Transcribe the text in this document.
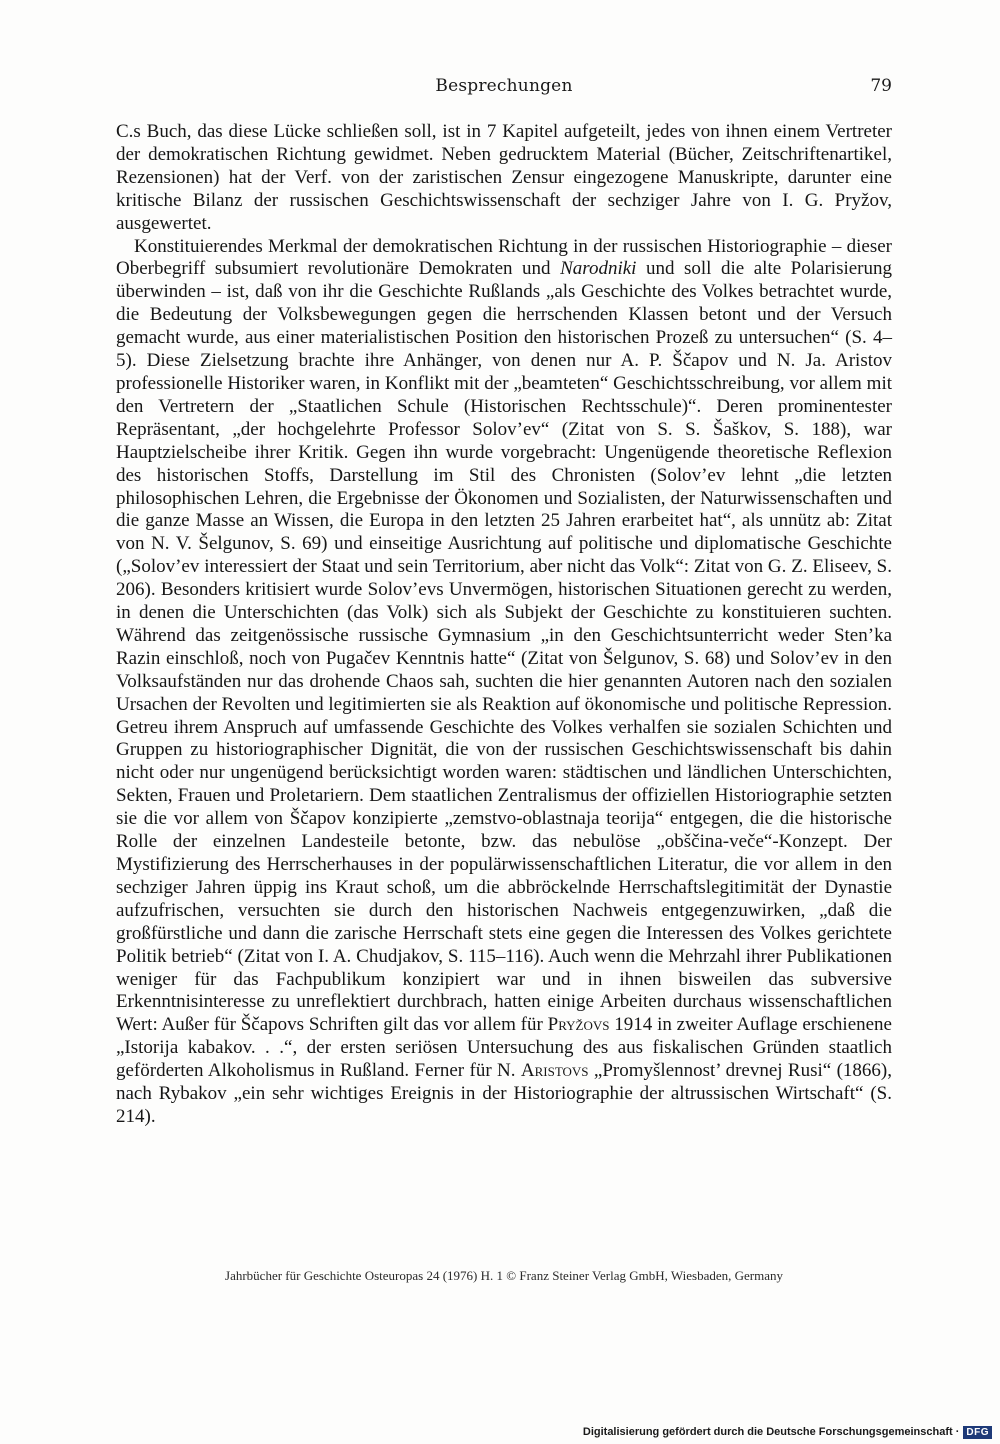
Besprechungen	79

C.s Buch, das diese Lücke schließen soll, ist in 7 Kapitel aufgeteilt, jedes von ihnen einem Vertreter der demokratischen Richtung gewidmet. Neben gedrucktem Material (Bücher, Zeitschriftenartikel, Rezensionen) hat der Verf. von der zaristischen Zensur eingezogene Manuskripte, darunter eine kritische Bilanz der russischen Geschichtswissenschaft der sechziger Jahre von I. G. Pryžov, ausgewertet.

Konstituierendes Merkmal der demokratischen Richtung in der russischen Historiographie – dieser Oberbegriff subsumiert revolutionäre Demokraten und Narodniki und soll die alte Polarisierung überwinden – ist, daß von ihr die Geschichte Rußlands „als Geschichte des Volkes betrachtet wurde, die Bedeutung der Volksbewegungen gegen die herrschenden Klassen betont und der Versuch gemacht wurde, aus einer materialistischen Position den historischen Prozeß zu untersuchen“ (S. 4–5). Diese Zielsetzung brachte ihre Anhänger, von denen nur A. P. Ščapov und N. Ja. Aristov professionelle Historiker waren, in Konflikt mit der „beamteten“ Geschichtsschreibung, vor allem mit den Vertretern der „Staatlichen Schule (Historischen Rechtsschule)“. Deren prominentester Repräsentant, „der hochgelehrte Professor Solov’ev“ (Zitat von S. S. Šaškov, S. 188), war Hauptzielscheibe ihrer Kritik. Gegen ihn wurde vorgebracht: Ungenügende theoretische Reflexion des historischen Stoffs, Darstellung im Stil des Chronisten (Solov’ev lehnt „die letzten philosophischen Lehren, die Ergebnisse der Ökonomen und Sozialisten, der Naturwissenschaften und die ganze Masse an Wissen, die Europa in den letzten 25 Jahren erarbeitet hat“, als unnütz ab: Zitat von N. V. Šelgunov, S. 69) und einseitige Ausrichtung auf politische und diplomatische Geschichte („Solov’ev interessiert der Staat und sein Territorium, aber nicht das Volk“: Zitat von G. Z. Eliseev, S. 206). Besonders kritisiert wurde Solov’evs Unvermögen, historischen Situationen gerecht zu werden, in denen die Unterschichten (das Volk) sich als Subjekt der Geschichte zu konstituieren suchten. Während das zeitgenössische russische Gymnasium „in den Geschichtsunterricht weder Sten’ka Razin einschloß, noch von Pugačev Kenntnis hatte“ (Zitat von Šelgunov, S. 68) und Solov’ev in den Volksaufständen nur das drohende Chaos sah, suchten die hier genannten Autoren nach den sozialen Ursachen der Revolten und legitimierten sie als Reaktion auf ökonomische und politische Repression. Getreu ihrem Anspruch auf umfassende Geschichte des Volkes verhalfen sie sozialen Schichten und Gruppen zu historiographischer Dignität, die von der russischen Geschichtswissenschaft bis dahin nicht oder nur ungenügend berücksichtigt worden waren: städtischen und ländlichen Unterschichten, Sekten, Frauen und Proletariern. Dem staatlichen Zentralismus der offiziellen Historiographie setzten sie die vor allem von Ščapov konzipierte „zemstvo-oblastnaja teorija“ entgegen, die die historische Rolle der einzelnen Landesteile betonte, bzw. das nebulöse „obščina-veče“-Konzept. Der Mystifizierung des Herrscherhauses in der populärwissenschaftlichen Literatur, die vor allem in den sechziger Jahren üppig ins Kraut schoß, um die abbröckelnde Herrschaftslegitimität der Dynastie aufzufrischen, versuchten sie durch den historischen Nachweis entgegenzuwirken, „daß die großfürstliche und dann die zarische Herrschaft stets eine gegen die Interessen des Volkes gerichtete Politik betrieb“ (Zitat von I. A. Chudjakov, S. 115–116). Auch wenn die Mehrzahl ihrer Publikationen weniger für das Fachpublikum konzipiert war und in ihnen bisweilen das subversive Erkenntnisinteresse zu unreflektiert durchbrach, hatten einige Arbeiten durchaus wissenschaftlichen Wert: Außer für Ščapovs Schriften gilt das vor allem für Pryžovs 1914 in zweiter Auflage erschienene „Istorija kabakov. . .“, der ersten seriösen Untersuchung des aus fiskalischen Gründen staatlich geförderten Alkoholismus in Rußland. Ferner für N. Aristovs „Promyšlennost’ drevnej Rusi“ (1866), nach Rybakov „ein sehr wichtiges Ereignis in der Historiographie der altrussischen Wirtschaft“ (S. 214).

Jahrbücher für Geschichte Osteuropas 24 (1976) H. 1 © Franz Steiner Verlag GmbH, Wiesbaden, Germany
Digitalisierung gefördert durch die Deutsche Forschungsgemeinschaft · DFG
